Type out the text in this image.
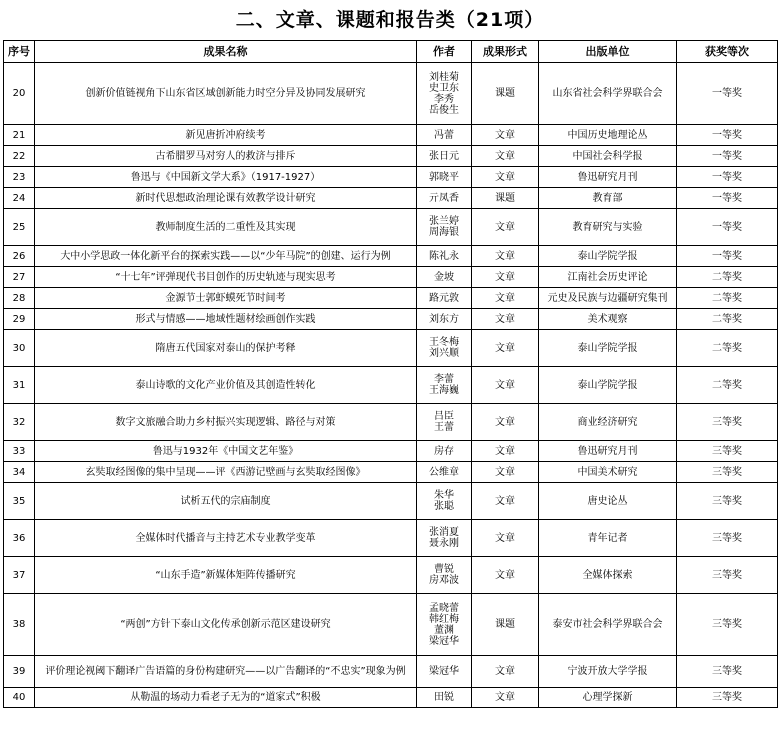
二、文章、课题和报告类（21项）
序号	成果名称	作者	成果形式	出版单位	获奖等次
20	创新价值链视角下山东省区域创新能力时空分异及协同发展研究	刘桂菊
史卫东
李秀
岳俊生	课题	山东省社会科学界联合会	一等奖
21	新见唐折冲府续考	冯蕾	文章	中国历史地理论丛	一等奖
22	古希腊罗马对穷人的救济与排斥	张日元	文章	中国社会科学报	一等奖
23	鲁迅与《中国新文学大系》（1917-1927）	郭晓平	文章	鲁迅研究月刊	一等奖
24	新时代思想政治理论课有效教学设计研究	亓凤香	课题	教育部	一等奖
25	教师制度生活的二重性及其实现	张兰婷
周海银	文章	教育研究与实验	一等奖
26	大中小学思政一体化新平台的探索实践——以“少年马院”的创建、运行为例	陈礼永	文章	泰山学院学报	一等奖
27	“十七年”评弹现代书目创作的历史轨迹与现实思考	金坡	文章	江南社会历史评论	二等奖
28	金源节士郭虾蟆死节时间考	路元敦	文章	元史及民族与边疆研究集刊	二等奖
29	形式与情感——地域性题材绘画创作实践	刘东方	文章	美术观察	二等奖
30	隋唐五代国家对泰山的保护考释	王冬梅
刘兴顺	文章	泰山学院学报	二等奖
31	泰山诗歌的文化产业价值及其创造性转化	李蕾
王海巍	文章	泰山学院学报	二等奖
32	数字文旅融合助力乡村振兴实现逻辑、路径与对策	吕臣
王蕾	文章	商业经济研究	三等奖
33	鲁迅与1932年《中国文艺年鉴》	房存	文章	鲁迅研究月刊	三等奖
34	玄奘取经图像的集中呈现——评《西游记壁画与玄奘取经图像》	公维章	文章	中国美术研究	三等奖
35	试析五代的宗庙制度	朱华
张聪	文章	唐史论丛	三等奖
36	全媒体时代播音与主持艺术专业教学变革	张消夏
聂永刚	文章	青年记者	三等奖
37	“山东手造”新媒体矩阵传播研究	曹锐
房邓波	文章	全媒体探索	三等奖
38	“两创”方针下泰山文化传承创新示范区建设研究	孟晓蕾
韩红梅
董渊
梁冠华	课题	泰安市社会科学界联合会	三等奖
39	评价理论视阈下翻译广告语篇的身份构建研究——以广告翻译的“不忠实”现象为例	梁冠华	文章	宁波开放大学学报	三等奖
40	从勒温的场动力看老子无为的“道家式”积极	田锐	文章	心理学探新	三等奖
